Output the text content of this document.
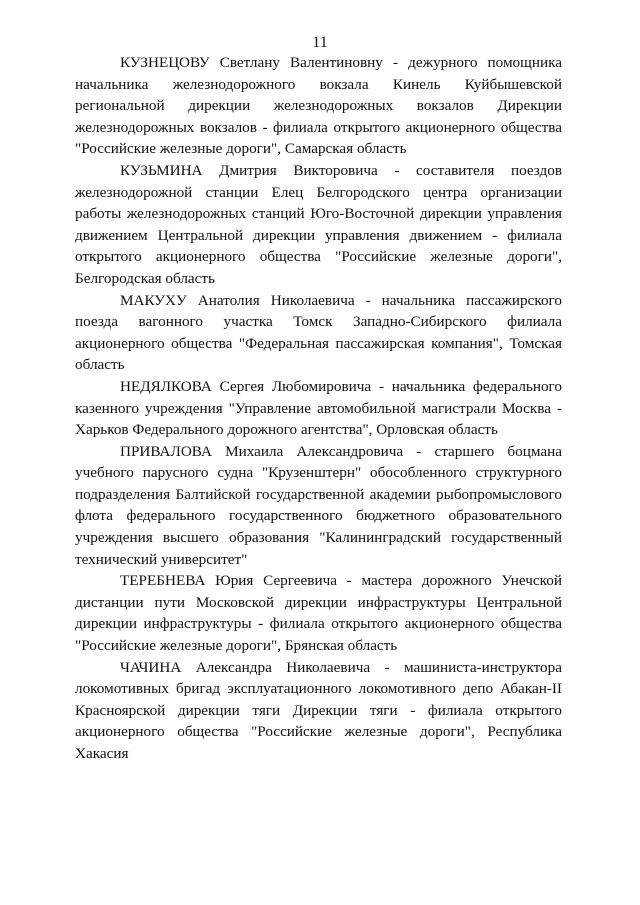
11

КУЗНЕЦОВУ Светлану Валентиновну - дежурного помощника начальника железнодорожного вокзала Кинель Куйбышевской региональной дирекции железнодорожных вокзалов Дирекции железнодорожных вокзалов - филиала открытого акционерного общества "Российские железные дороги", Самарская область

КУЗЬМИНА Дмитрия Викторовича - составителя поездов железнодорожной станции Елец Белгородского центра организации работы железнодорожных станций Юго-Восточной дирекции управления движением Центральной дирекции управления движением - филиала открытого акционерного общества "Российские железные дороги", Белгородская область

МАКУХУ Анатолия Николаевича - начальника пассажирского поезда вагонного участка Томск Западно-Сибирского филиала акционерного общества "Федеральная пассажирская компания", Томская область

НЕДЯЛКОВА Сергея Любомировича - начальника федерального казенного учреждения "Управление автомобильной магистрали Москва - Харьков Федерального дорожного агентства", Орловская область

ПРИВАЛОВА Михаила Александровича - старшего боцмана учебного парусного судна "Крузенштерн" обособленного структурного подразделения Балтийской государственной академии рыбопромыслового флота федерального государственного бюджетного образовательного учреждения высшего образования "Калининградский государственный технический университет"

ТЕРЕБНЕВА Юрия Сергеевича - мастера дорожного Унечской дистанции пути Московской дирекции инфраструктуры Центральной дирекции инфраструктуры - филиала открытого акционерного общества "Российские железные дороги", Брянская область

ЧАЧИНА Александра Николаевича - машиниста-инструктора локомотивных бригад эксплуатационного локомотивного депо Абакан-II Красноярской дирекции тяги Дирекции тяги - филиала открытого акционерного общества "Российские железные дороги", Республика Хакасия
